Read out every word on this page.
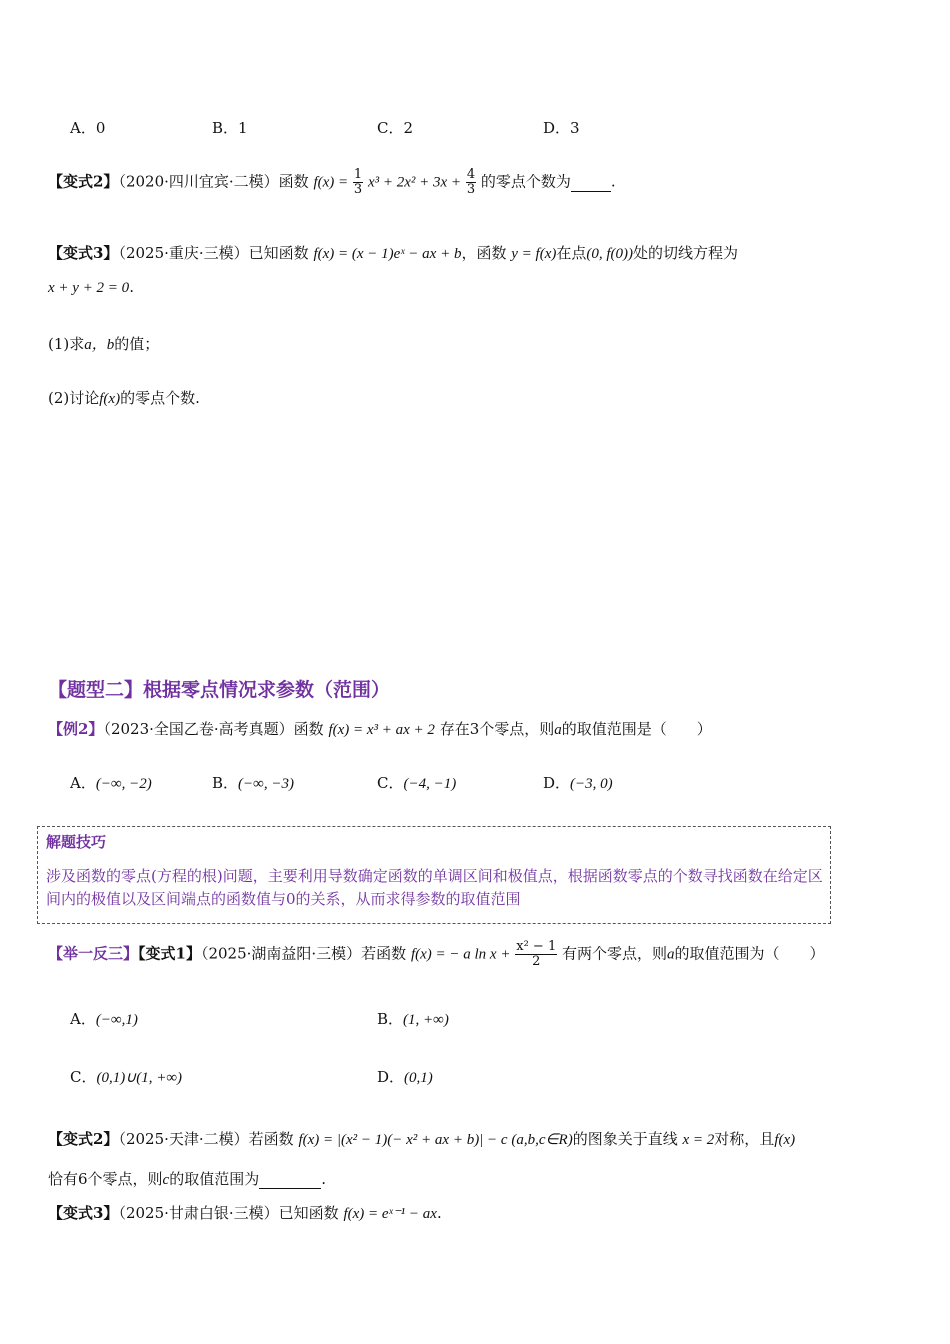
A．0	B．1	C．2	D．3
【变式2】（2020·四川宜宾·二模）函数 $f(x) = \frac{1}{3} x^3 + 2x^2 + 3x + \frac{4}{3}$ 的零点个数为	.
【变式3】（2025·重庆·三模）已知函数 f(x) = (x − 1)eˣ − ax + b，函数 y = f(x)在点(0, f(0))处的切线方程为
x + y + 2 = 0.
(1)求a，b的值；
(2)讨论f(x)的零点个数.
【题型二】根据零点情况求参数（范围）
【例2】（2023·全国乙卷·高考真题）函数 f(x) = x³ + ax + 2 存在3个零点，则a的取值范围是（　　）
A．(−∞, −2)	B．(−∞, −3)	C．(−4, −1)	D．(−3, 0)
解题技巧
涉及函数的零点(方程的根)问题，主要利用导数确定函数的单调区间和极值点，根据函数零点的个数寻找函数在给定区间内的极值以及区间端点的函数值与0的关系，从而求得参数的取值范围
【举一反三】【变式1】（2025·湖南益阳·三模）若函数 f(x) = − a $\ln x + \frac{\text{x² − 1}}{2}$ 有两个零点，则a的取值范围为（　　）
A．(−∞,1)	B．(1, +∞)
C．(0,1)∪(1, +∞)	D．(0,1)
【变式2】（2025·天津·二模）若函数 f(x) = |(x² − 1)(− x² + ax + b)| − c (a,b,c∈R)的图象关于直线 x = 2对称，且f(x)
恰有6个零点，则c的取值范围为	.
【变式3】（2025·甘肃白银·三模）已知函数 f(x) = eˣ⁻¹ − ax.
